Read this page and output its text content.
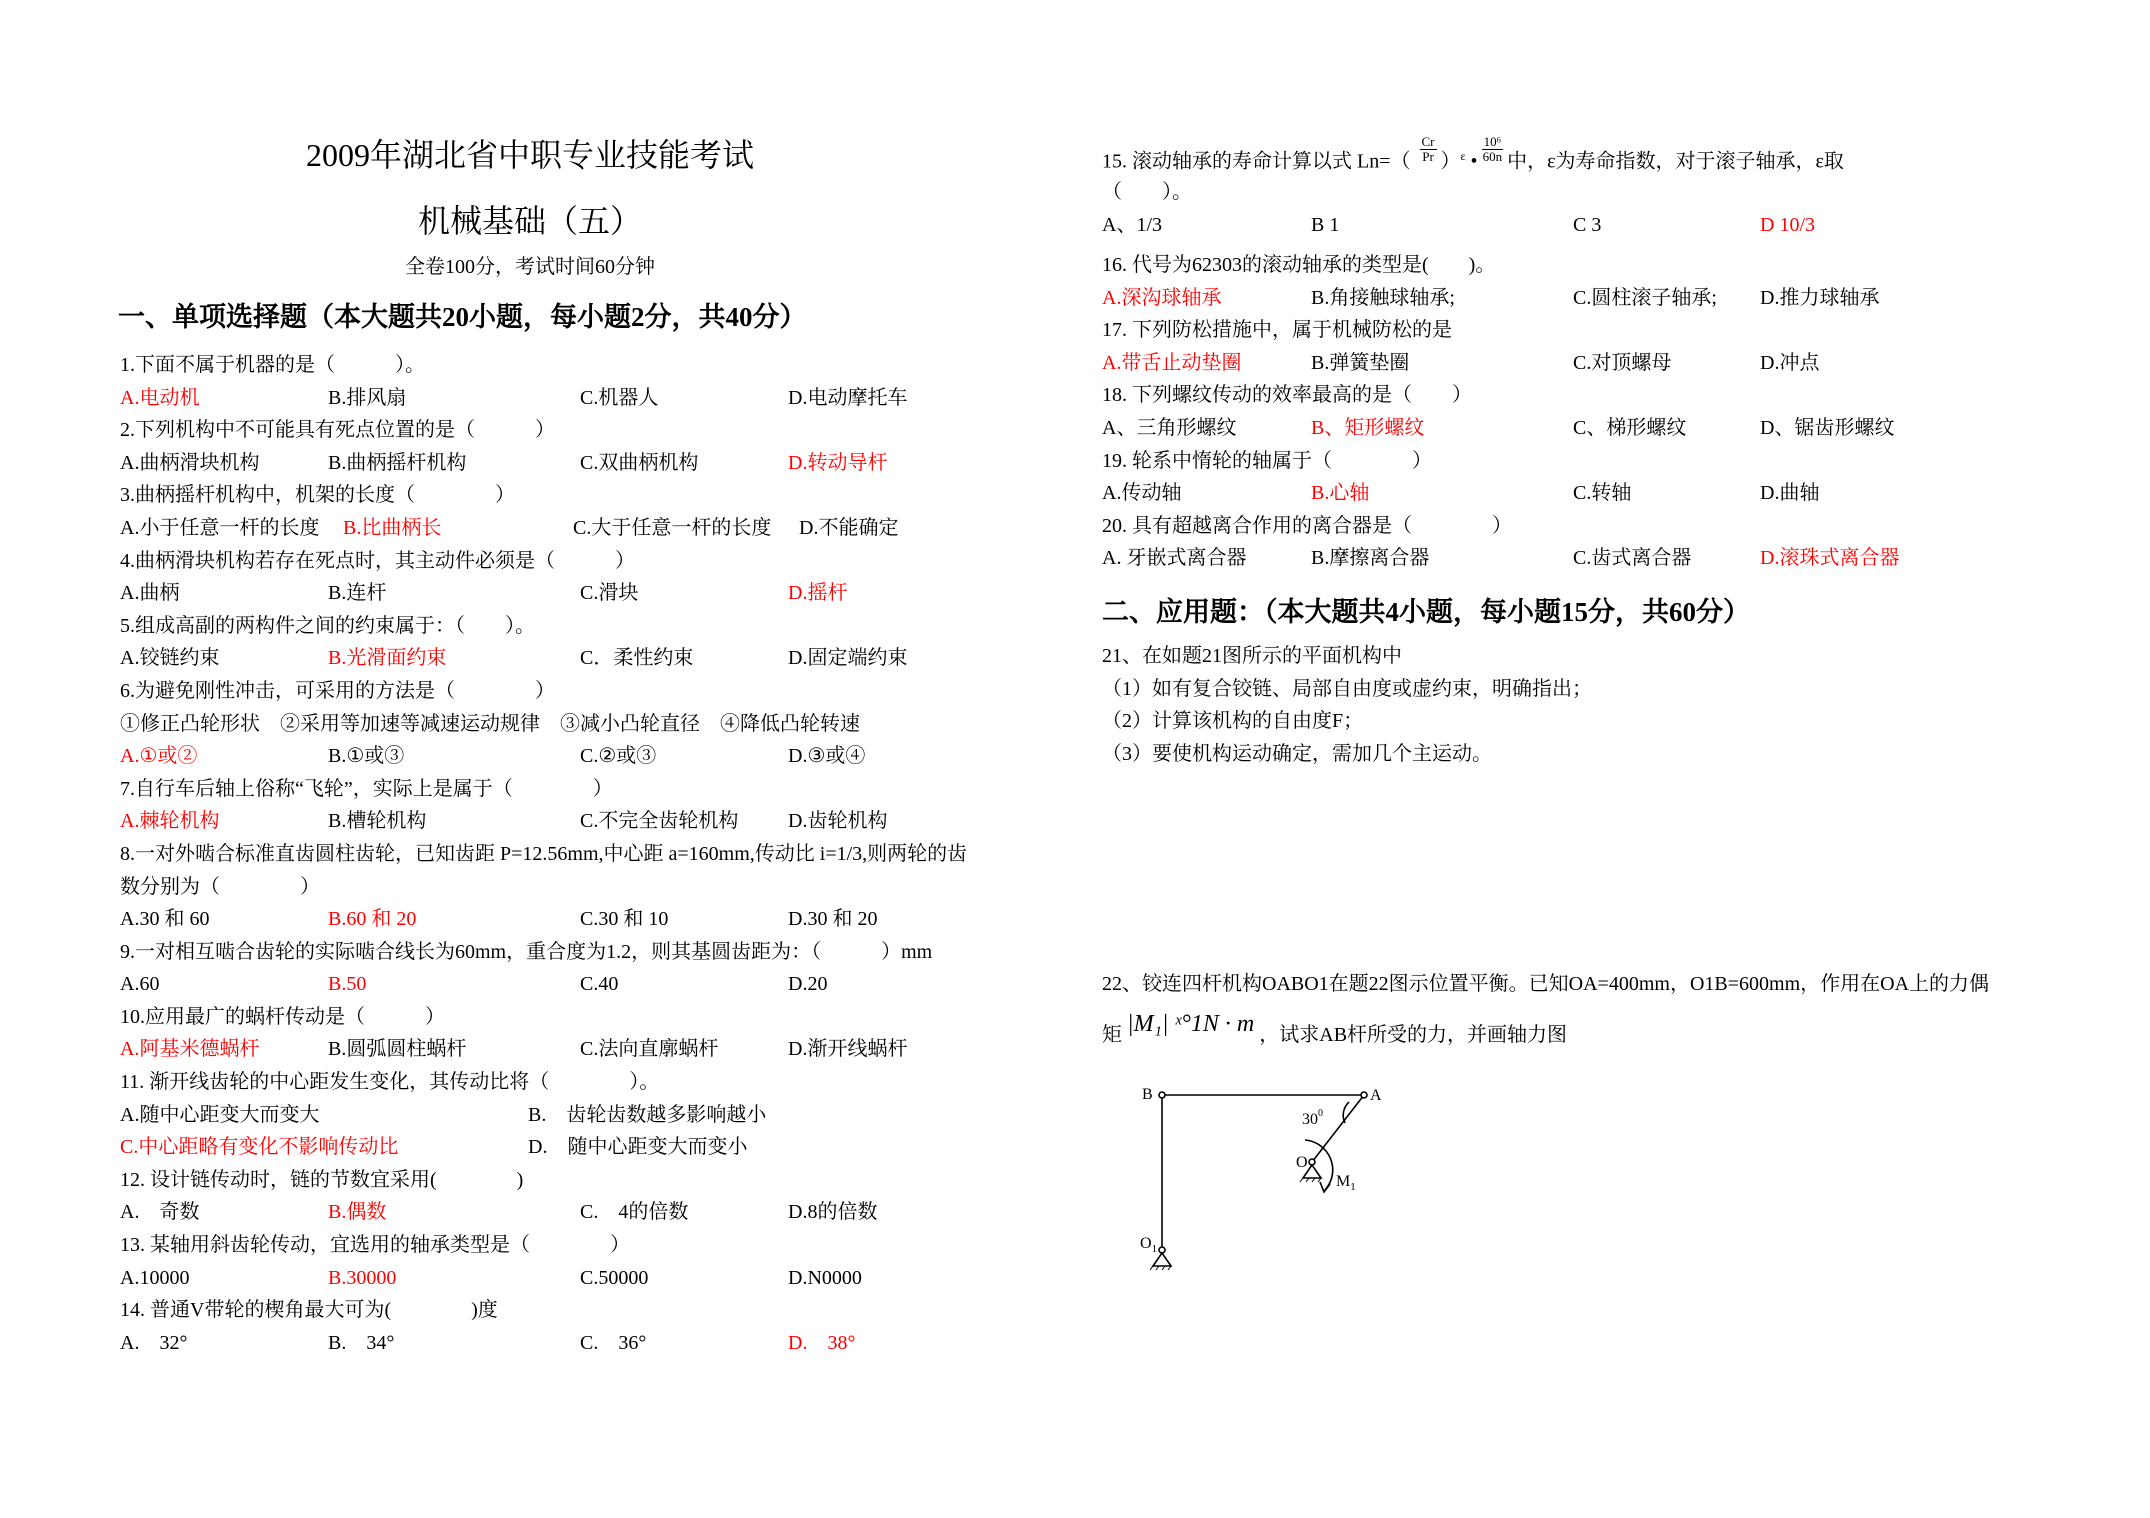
2009年湖北省中职专业技能考试
机械基础（五）
全卷100分，考试时间60分钟
一、单项选择题（本大题共20小题，每小题2分，共40分）
1.下面不属于机器的是（　　　）。
A.电动机	B.排风扇	C.机器人	D.电动摩托车
2.下列机构中不可能具有死点位置的是（　　　）
A.曲柄滑块机构	B.曲柄摇杆机构	C.双曲柄机构	D.转动导杆
3.曲柄摇杆机构中，机架的长度（　　　　）
A.小于任意一杆的长度	B.比曲柄长	C.大于任意一杆的长度	D.不能确定
4.曲柄滑块机构若存在死点时，其主动件必须是（　　　）
A.曲柄	B.连杆	C.滑块	D.摇杆
5.组成高副的两构件之间的约束属于：（　　）。
A.铰链约束	B.光滑面约束	C．柔性约束	D.固定端约束
6.为避免刚性冲击，可采用的方法是（　　　　）
①修正凸轮形状　②采用等加速等减速运动规律　③减小凸轮直径　④降低凸轮转速
A.①或②	B.①或③	C.②或③	D.③或④
7.自行车后轴上俗称“飞轮”，实际上是属于（　　　　）
A.棘轮机构	B.槽轮机构	C.不完全齿轮机构	D.齿轮机构
8.一对外啮合标准直齿圆柱齿轮，已知齿距 P=12.56mm,中心距 a=160mm,传动比 i=1/3,则两轮的齿
数分别为（　　　　）
A.30 和 60	B.60 和 20	C.30 和 10	D.30 和 20
9.一对相互啮合齿轮的实际啮合线长为60mm，重合度为1.2，则其基圆齿距为：（　　　）mm
A.60	B.50	C.40	D.20
10.应用最广的蜗杆传动是（　　　）
A.阿基米德蜗杆	B.圆弧圆柱蜗杆	C.法向直廓蜗杆	D.渐开线蜗杆
11. 渐开线齿轮的中心距发生变化，其传动比将（　　　　）。
A.随中心距变大而变大	B.　齿轮齿数越多影响越小
C.中心距略有变化不影响传动比	D.　随中心距变大而变小
12. 设计链传动时，链的节数宜采用(　　　　)
A.　奇数	B.偶数	C.　4的倍数	D.8的倍数
13. 某轴用斜齿轮传动，宜选用的轴承类型是（　　　　）
A.10000	B.30000	C.50000	D.N0000
14. 普通V带轮的楔角最大可为(　　　　)度
A.　32°	B.　34°	C.　36°	D.　38°
15. 滚动轴承的寿命计算以式 $Ln=( \frac{Cr}{Pr} )^\varepsilon$ • $\frac{\text{10⁶}}{60n}$ 中，ε为寿命指数，对于滚子轴承，ε取
（　　）。
A、1/3	B 1	C 3	D 10/3
16. 代号为62303的滚动轴承的类型是(　　)。
A.深沟球轴承	B.角接触球轴承;	C.圆柱滚子轴承;	D.推力球轴承
17. 下列防松措施中，属于机械防松的是
A.带舌止动垫圈	B.弹簧垫圈	C.对顶螺母	D.冲点
18. 下列螺纹传动的效率最高的是（　　）
A、三角形螺纹	B、矩形螺纹	C、梯形螺纹	D、锯齿形螺纹
19. 轮系中惰轮的轴属于（　　　　）
A.传动轴	B.心轴	C.转轴	D.曲轴
20. 具有超越离合作用的离合器是（　　　　）
A. 牙嵌式离合器	B.摩擦离合器	C.齿式离合器	D.滚珠式离合器
二、应用题：（本大题共4小题，每小题15分，共60分）
21、在如题21图所示的平面机构中
（1）如有复合铰链、局部自由度或虚约束，明确指出；
（2）计算该机构的自由度F；
（3）要使机构运动确定，需加几个主运动。
22、铰连四杆机构OABO1在题22图示位置平衡。已知OA=400mm，O1B=600mm，作用在OA上的力偶
矩 |M₁| ˣ°1N · m ，试求AB杆所受的力，并画轴力图
B	A
O
$O_1$
$M_1$
$30^0$
